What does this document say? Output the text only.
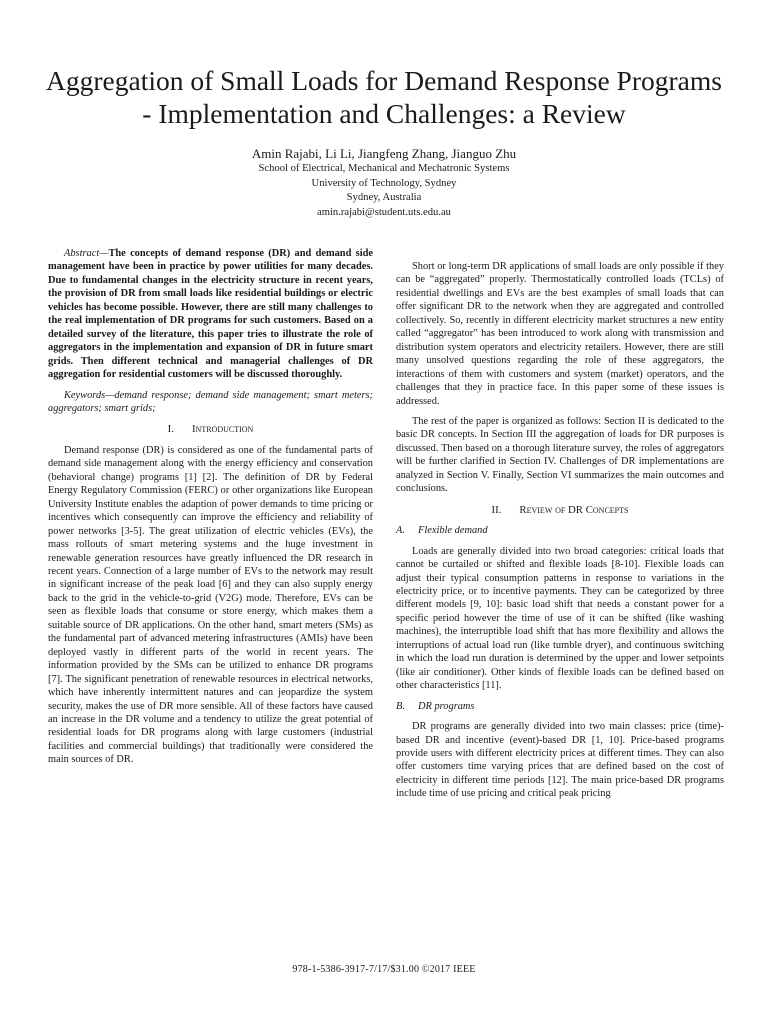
Aggregation of Small Loads for Demand Response Programs - Implementation and Challenges: a Review
Amin Rajabi, Li Li, Jiangfeng Zhang, Jianguo Zhu
School of Electrical, Mechanical and Mechatronic Systems
University of Technology, Sydney
Sydney, Australia
amin.rajabi@student.uts.edu.au

Abstract—The concepts of demand response (DR) and demand side management have been in practice by power utilities for many decades. Due to fundamental changes in the electricity structure in recent years, the provision of DR from small loads like residential buildings or electric vehicles has become possible. However, there are still many challenges to the real implementation of DR programs for such customers. Based on a detailed survey of the literature, this paper tries to illustrate the role of aggregators in the implementation and expansion of DR in future smart grids. Then different technical and managerial challenges of DR aggregation for residential customers will be discussed thoroughly.

Keywords—demand response; demand side management; smart meters; aggregators; smart grids;

I. Introduction

Demand response (DR) is considered as one of the fundamental parts of demand side management along with the energy efficiency and conservation (behavioral change) programs [1] [2]. The definition of DR by Federal Energy Regulatory Commission (FERC) or other organizations like European University Institute enables the adaption of power demands to time pricing or incentives which consequently can improve the efficiency and reliability of power networks [3-5]. The great utilization of electric vehicles (EVs), the mass rollouts of smart metering systems and the huge investment in renewable generation resources have greatly influenced the DR research in recent years. Connection of a large number of EVs to the network may result in significant increase of the peak load [6] and they can also supply energy back to the grid in the vehicle-to-grid (V2G) mode. Therefore, EVs can be seen as flexible loads that consume or store energy, which makes them a suitable source of DR applications. On the other hand, smart meters (SMs) as the fundamental part of advanced metering infrastructures (AMIs) have been deployed vastly in different parts of the world in recent years. The information provided by the SMs can be utilized to enhance DR programs [7]. The significant penetration of renewable resources in electrical networks, which have inherently intermittent natures and can jeopardize the system security, makes the use of DR more sensible. All of these factors have caused an increase in the DR volume and a tendency to utilize the great potential of residential loads for DR programs along with large customers (industrial facilities and commercial buildings) that traditionally were considered the main sources of DR.

Short or long-term DR applications of small loads are only possible if they can be “aggregated” properly. Thermostatically controlled loads (TCLs) of residential dwellings and EVs are the best examples of small loads that can offer significant DR to the network when they are aggregated and controlled collectively. So, recently in different electricity market structures a new entity called “aggregator” has been introduced to work along with transmission and distribution system operators and electricity retailers. However, there are still many unsolved questions regarding the role of these aggregators, the interactions of them with customers and system (market) operators, and the challenges that they in practice face. In this paper some of these issues is addressed.

The rest of the paper is organized as follows: Section II is dedicated to the basic DR concepts. In Section III the aggregation of loads for DR purposes is discussed. Then based on a thorough literature survey, the roles of aggregators will be further clarified in Section IV. Challenges of DR implementations are analyzed in Section V. Finally, Section VI summarizes the main outcomes and conclusions.

II. Review of DR Concepts

A. Flexible demand

Loads are generally divided into two broad categories: critical loads that cannot be curtailed or shifted and flexible loads [8-10]. Flexible loads can adjust their typical consumption patterns in response to variations in the electricity price, or to incentive payments. They can be categorized by three different models [9, 10]: basic load shift that needs a constant power for a specific period however the time of use of it can be shifted (like washing machines), the interruptible load shift that has more flexibility and allows the interruptions of actual load run (like tumble dryer), and continuous switching in which the load run duration is determined by the upper and lower setpoints (like air conditioner). Other kinds of flexible loads can be defined based on other characteristics [11].

B. DR programs

DR programs are generally divided into two main classes: price (time)-based DR and incentive (event)-based DR [1, 10]. Price-based programs provide users with different electricity prices at different times. They can also offer customers time varying prices that are defined based on the cost of electricity in different time periods [12]. The main price-based DR programs include time of use pricing and critical peak pricing

978-1-5386-3917-7/17/$31.00 ©2017 IEEE
